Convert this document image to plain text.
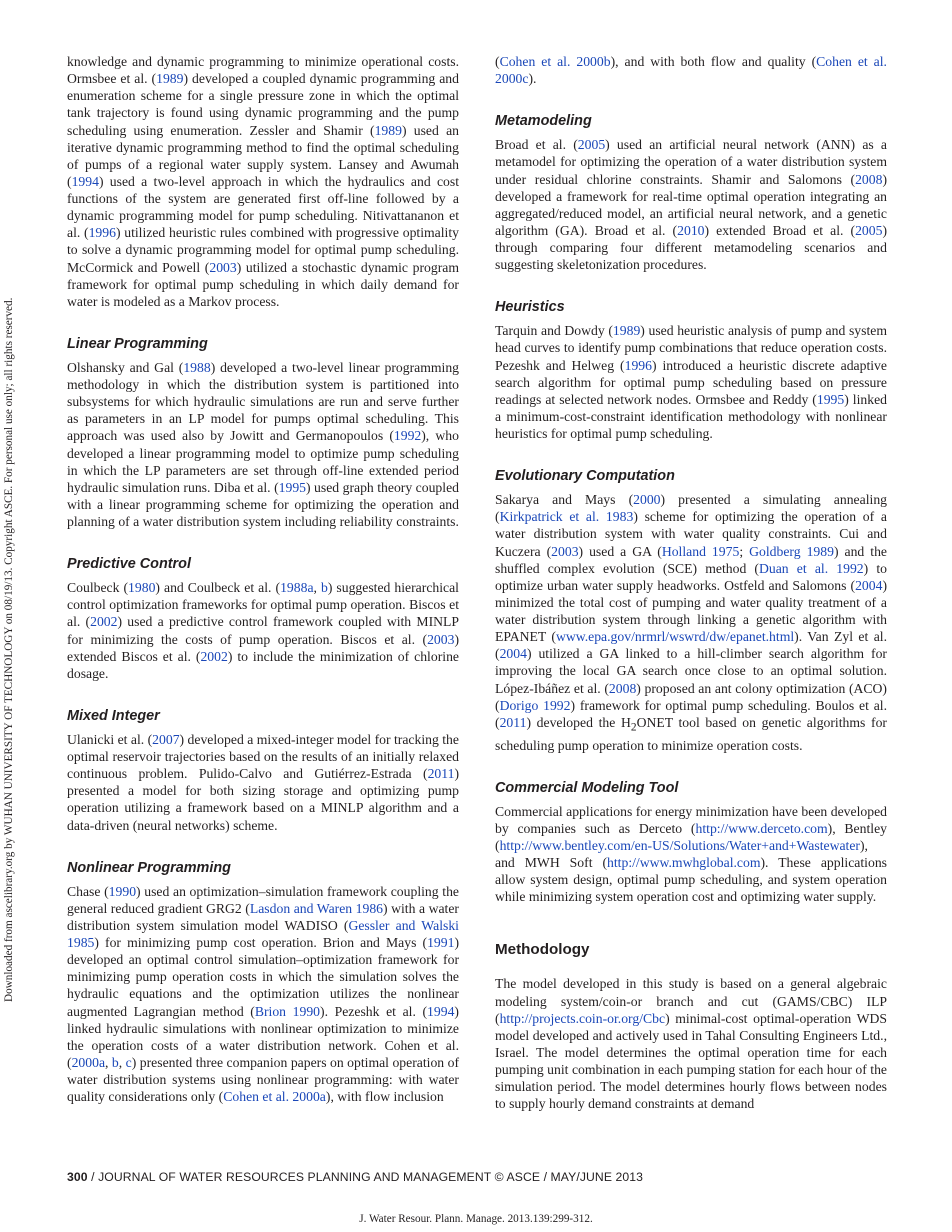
Downloaded from ascelibrary.org by WUHAN UNIVERSITY OF TECHNOLOGY on 08/19/13. Copyright ASCE. For personal use only; all rights reserved.

knowledge and dynamic programming to minimize operational costs. Ormsbee et al. (1989) developed a coupled dynamic programming and enumeration scheme for a single pressure zone in which the optimal tank trajectory is found using dynamic programming and the pump scheduling using enumeration. Zessler and Shamir (1989) used an iterative dynamic programming method to find the optimal scheduling of pumps of a regional water supply system. Lansey and Awumah (1994) used a two-level approach in which the hydraulics and cost functions of the system are generated first off-line followed by a dynamic programming model for pump scheduling. Nitivattananon et al. (1996) utilized heuristic rules combined with progressive optimality to solve a dynamic programming model for optimal pump scheduling. McCormick and Powell (2003) utilized a stochastic dynamic program framework for optimal pump scheduling in which daily demand for water is modeled as a Markov process.

Linear Programming

Olshansky and Gal (1988) developed a two-level linear programming methodology in which the distribution system is partitioned into subsystems for which hydraulic simulations are run and serve further as parameters in an LP model for pumps optimal scheduling. This approach was used also by Jowitt and Germanopoulos (1992), who developed a linear programming model to optimize pump scheduling in which the LP parameters are set through off-line extended period hydraulic simulation runs. Diba et al. (1995) used graph theory coupled with a linear programming scheme for optimizing the operation and planning of a water distribution system including reliability constraints.

Predictive Control

Coulbeck (1980) and Coulbeck et al. (1988a, b) suggested hierarchical control optimization frameworks for optimal pump operation. Biscos et al. (2002) used a predictive control framework coupled with MINLP for minimizing the costs of pump operation. Biscos et al. (2003) extended Biscos et al. (2002) to include the minimization of chlorine dosage.

Mixed Integer

Ulanicki et al. (2007) developed a mixed-integer model for tracking the optimal reservoir trajectories based on the results of an initially relaxed continuous problem. Pulido-Calvo and Gutiérrez-Estrada (2011) presented a model for both sizing storage and optimizing pump operation utilizing a framework based on a MINLP algorithm and a data-driven (neural networks) scheme.

Nonlinear Programming

Chase (1990) used an optimization–simulation framework coupling the general reduced gradient GRG2 (Lasdon and Waren 1986) with a water distribution system simulation model WADISO (Gessler and Walski 1985) for minimizing pump cost operation. Brion and Mays (1991) developed an optimal control simulation–optimization framework for minimizing pump operation costs in which the simulation solves the hydraulic equations and the optimization utilizes the nonlinear augmented Lagrangian method (Brion 1990). Pezeshk et al. (1994) linked hydraulic simulations with nonlinear optimization to minimize the operation costs of a water distribution network. Cohen et al. (2000a, b, c) presented three companion papers on optimal operation of water distribution systems using nonlinear programming: with water quality considerations only (Cohen et al. 2000a), with flow inclusion

(Cohen et al. 2000b), and with both flow and quality (Cohen et al. 2000c).

Metamodeling

Broad et al. (2005) used an artificial neural network (ANN) as a metamodel for optimizing the operation of a water distribution system under residual chlorine constraints. Shamir and Salomons (2008) developed a framework for real-time optimal operation integrating an aggregated/reduced model, an artificial neural network, and a genetic algorithm (GA). Broad et al. (2010) extended Broad et al. (2005) through comparing four different metamodeling scenarios and suggesting skeletonization procedures.

Heuristics

Tarquin and Dowdy (1989) used heuristic analysis of pump and system head curves to identify pump combinations that reduce operation costs. Pezeshk and Helweg (1996) introduced a heuristic discrete adaptive search algorithm for optimal pump scheduling based on pressure readings at selected network nodes. Ormsbee and Reddy (1995) linked a minimum-cost-constraint identification methodology with nonlinear heuristics for optimal pump scheduling.

Evolutionary Computation

Sakarya and Mays (2000) presented a simulating annealing (Kirkpatrick et al. 1983) scheme for optimizing the operation of a water distribution system with water quality constraints. Cui and Kuczera (2003) used a GA (Holland 1975; Goldberg 1989) and the shuffled complex evolution (SCE) method (Duan et al. 1992) to optimize urban water supply headworks. Ostfeld and Salomons (2004) minimized the total cost of pumping and water quality treatment of a water distribution system through linking a genetic algorithm with EPANET (www.epa.gov/nrmrl/wswrd/dw/epanet.html). Van Zyl et al. (2004) utilized a GA linked to a hill-climber search algorithm for improving the local GA search once close to an optimal solution. López-Ibáñez et al. (2008) proposed an ant colony optimization (ACO) (Dorigo 1992) framework for optimal pump scheduling. Boulos et al. (2011) developed the $H_2ONET$ tool based on genetic algorithms for scheduling pump operation to minimize operation costs.

Commercial Modeling Tool

Commercial applications for energy minimization have been developed by companies such as Derceto (http://www.derceto.com), Bentley (http://www.bentley.com/en-US/Solutions/Water+and+Wastewater), and MWH Soft (http://www.mwhglobal.com). These applications allow system design, optimal pump scheduling, and system operation while minimizing system operation cost and optimizing water supply.

Methodology

The model developed in this study is based on a general algebraic modeling system/coin-or branch and cut (GAMS/CBC) ILP (http://projects.coin-or.org/Cbc) minimal-cost optimal-operation WDS model developed and actively used in Tahal Consulting Engineers Ltd., Israel. The model determines the optimal operation time for each pumping unit combination in each pumping station for each hour of the simulation period. The model determines hourly flows between nodes to supply hourly demand constraints at demand

300 / JOURNAL OF WATER RESOURCES PLANNING AND MANAGEMENT © ASCE / MAY/JUNE 2013
J. Water Resour. Plann. Manage. 2013.139:299-312.
